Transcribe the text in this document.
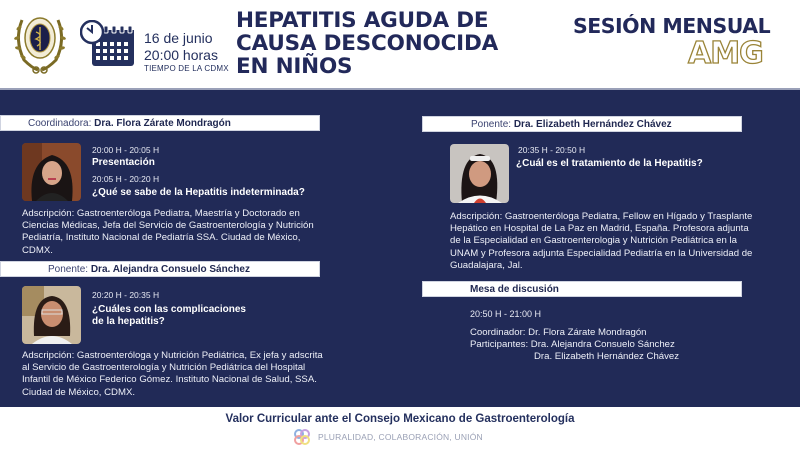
16 de junio
20:00 horas
TIEMPO DE LA CDMX
HEPATITIS AGUDA DE
CAUSA DESCONOCIDA
EN NIÑOS
SESIÓN MENSUAL
AMG
Coordinadora: Dra. Flora Zárate Mondragón
20:00 H - 20:05 H
Presentación
20:05 H - 20:20 H
¿Qué se sabe de la Hepatitis indeterminada?
Adscripción: Gastroenteróloga Pediatra, Maestría y Doctorado en Ciencias Médicas, Jefa del Servicio de Gastroenterología y Nutrición Pediatría, Instituto Nacional de Pediatría SSA. Ciudad de México, CDMX.
Ponente: Dra. Alejandra Consuelo Sánchez
20:20 H - 20:35 H
¿Cuáles con las complicaciones
de la hepatitis?
Adscripción: Gastroenteróloga y Nutrición Pediátrica, Ex jefa y adscrita al Servicio de Gastroenterología y Nutrición Pediátrica del Hospital Infantil de México Federico Gómez. Instituto Nacional de Salud, SSA. Ciudad de México, CDMX.
Ponente: Dra. Elizabeth Hernández Chávez
20:35 H - 20:50 H
¿Cuál es el tratamiento de la Hepatitis?
Adscripción: Gastroenteróloga Pediatra, Fellow en Hígado y Trasplante Hepático en Hospital de La Paz en Madrid, España. Profesora adjunta de la Especialidad en Gastroenterologia y Nutrición Pediátrica en la UNAM y Profesora adjunta Especialidad Pediatría en la Universidad de Guadalajara, Jal.
Mesa de discusión
20:50 H - 21:00 H
Coordinador: Dr. Flora Zárate Mondragón
Participantes: Dra. Alejandra Consuelo Sánchez
Dra. Elizabeth Hernández Chávez
Valor Curricular ante el Consejo Mexicano de Gastroenterología
PLURALIDAD, COLABORACIÓN, UNIÓN
